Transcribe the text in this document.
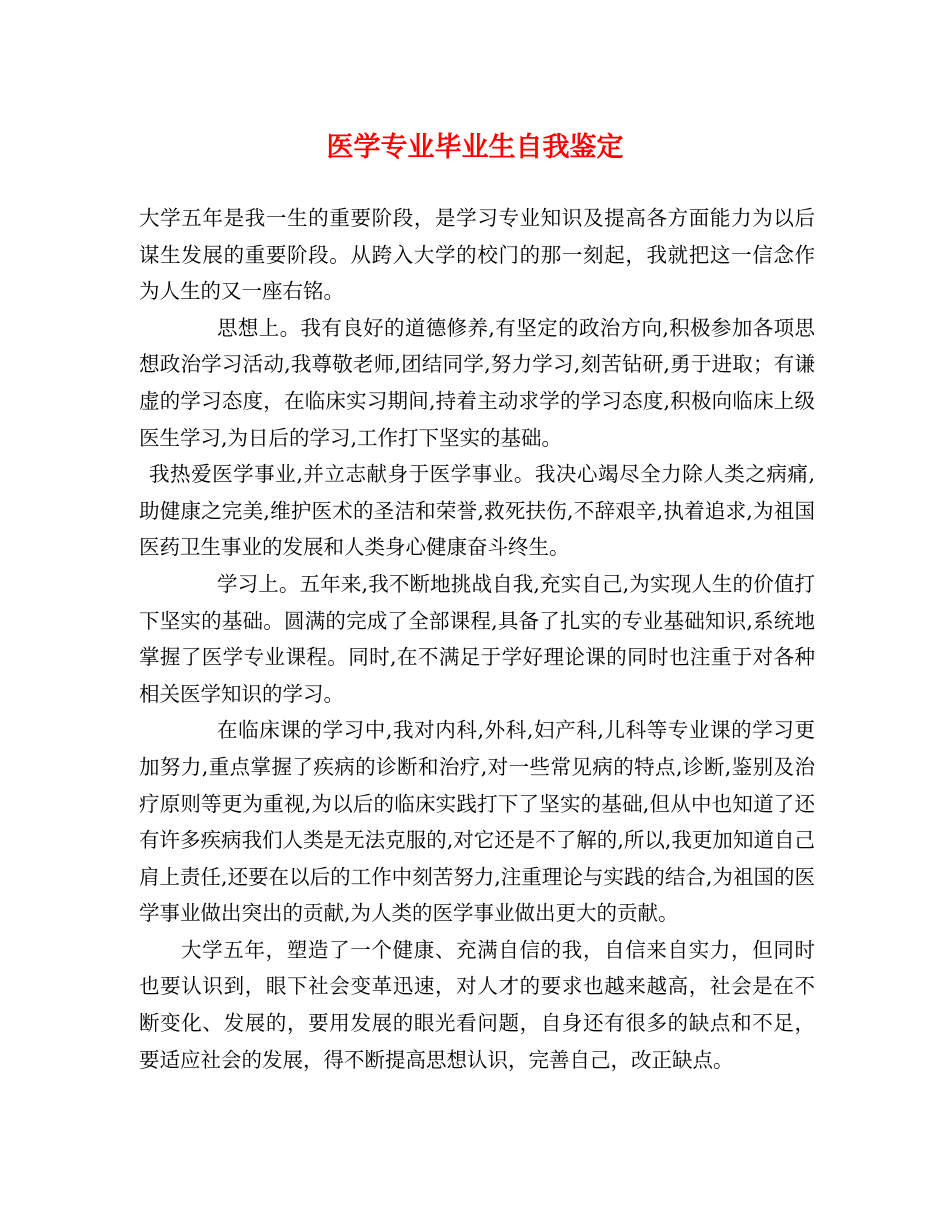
医学专业毕业生自我鉴定

大学五年是我一生的重要阶段，是学习专业知识及提高各方面能力为以后谋生发展的重要阶段。从跨入大学的校门的那一刻起，我就把这一信念作为人生的又一座右铭。

思想上。我有良好的道德修养,有坚定的政治方向,积极参加各项思想政治学习活动,我尊敬老师,团结同学,努力学习,刻苦钻研,勇于进取；有谦虚的学习态度，在临床实习期间,持着主动求学的学习态度,积极向临床上级医生学习,为日后的学习,工作打下坚实的基础。

我热爱医学事业,并立志献身于医学事业。我决心竭尽全力除人类之病痛,助健康之完美,维护医术的圣洁和荣誉,救死扶伤,不辞艰辛,执着追求,为祖国医药卫生事业的发展和人类身心健康奋斗终生。

学习上。五年来,我不断地挑战自我,充实自己,为实现人生的价值打下坚实的基础。圆满的完成了全部课程,具备了扎实的专业基础知识,系统地掌握了医学专业课程。同时,在不满足于学好理论课的同时也注重于对各种相关医学知识的学习。

在临床课的学习中,我对内科,外科,妇产科,儿科等专业课的学习更加努力,重点掌握了疾病的诊断和治疗,对一些常见病的特点,诊断,鉴别及治疗原则等更为重视,为以后的临床实践打下了坚实的基础,但从中也知道了还有许多疾病我们人类是无法克服的,对它还是不了解的,所以,我更加知道自己肩上责任,还要在以后的工作中刻苦努力,注重理论与实践的结合,为祖国的医学事业做出突出的贡献,为人类的医学事业做出更大的贡献。

大学五年，塑造了一个健康、充满自信的我，自信来自实力，但同时也要认识到，眼下社会变革迅速，对人才的要求也越来越高，社会是在不断变化、发展的，要用发展的眼光看问题，自身还有很多的缺点和不足，要适应社会的发展，得不断提高思想认识，完善自己，改正缺点。
